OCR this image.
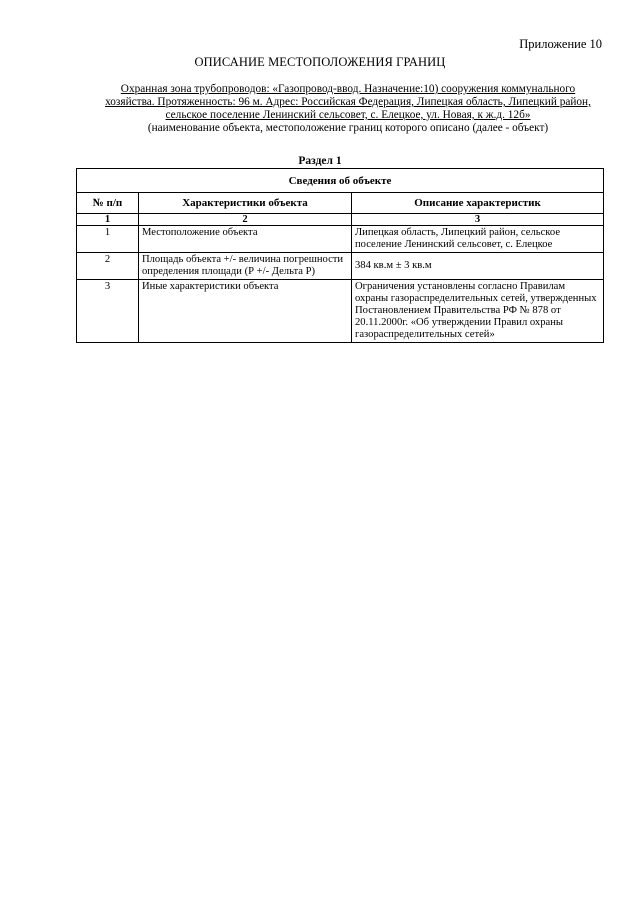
Приложение 10
ОПИСАНИЕ МЕСТОПОЛОЖЕНИЯ ГРАНИЦ
Охранная зона трубопроводов: «Газопровод-ввод. Назначение:10) сооружения коммунального
хозяйства. Протяженность: 96 м. Адрес: Российская Федерация, Липецкая область, Липецкий район,
сельское поселение Ленинский сельсовет, с. Елецкое, ул. Новая, к ж.д. 12б»
(наименование объекта, местоположение границ которого описано (далее - объект)
Раздел 1
Сведения об объекте		
№ п/п	Характеристики объекта	Описание характеристик
1	2	3
1	Местоположение объекта	Липецкая область, Липецкий район, сельское поселение Ленинский сельсовет, с. Елецкое
2	Площадь объекта +/- величина погрешности определения площади (Р +/- Дельта Р)	384 кв.м ± 3 кв.м
3	Иные характеристики объекта	Ограничения установлены согласно Правилам охраны газораспределительных сетей, утвержденных Постановлением Правительства РФ № 878 от 20.11.2000г. «Об утверждении Правил охраны газораспределительных сетей»
